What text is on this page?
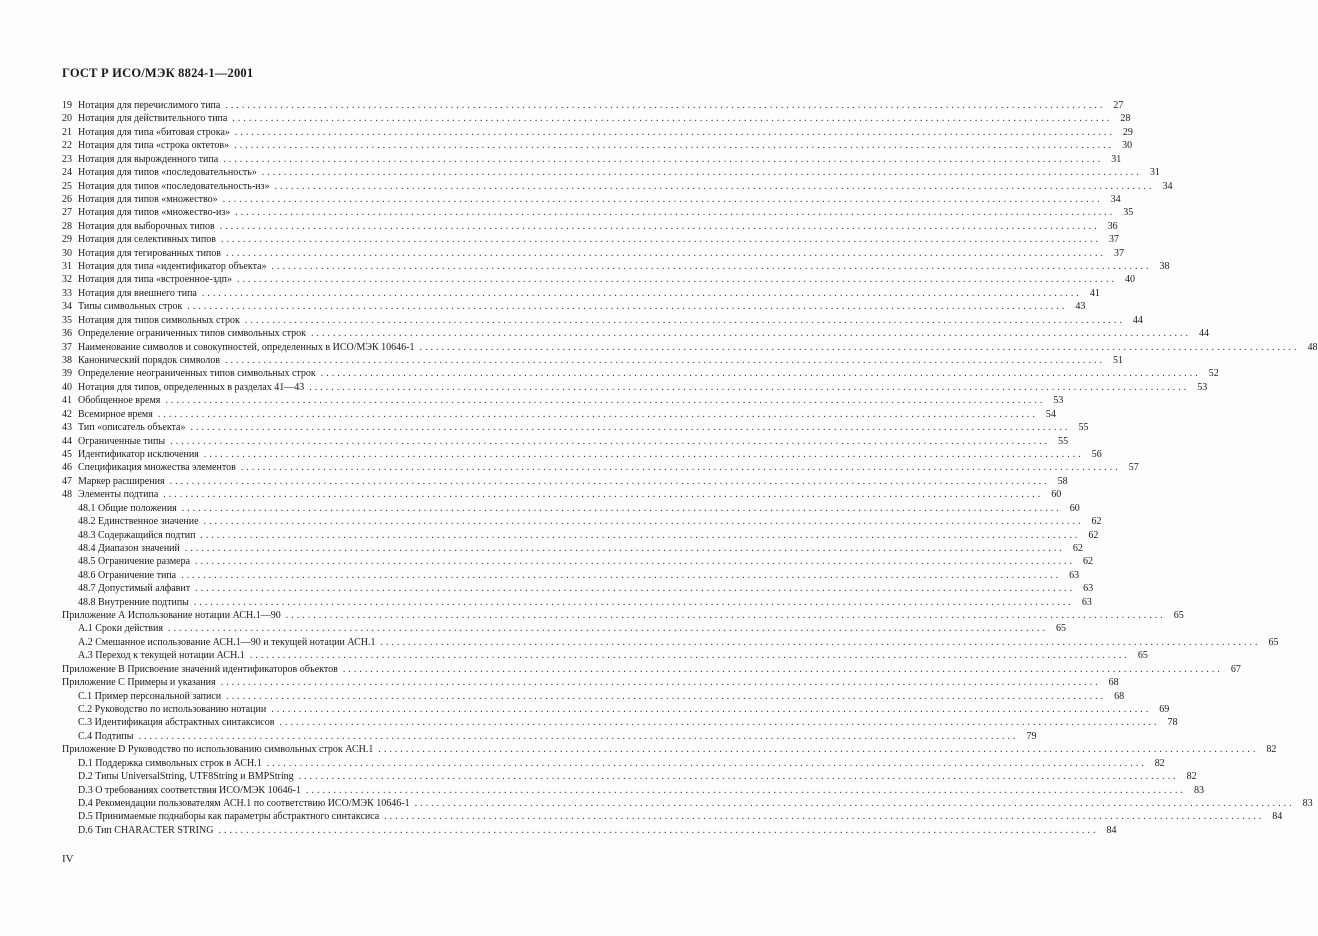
ГОСТ Р ИСО/МЭК 8824-1—2001
19 Нотация для перечислимого типа ................................................................................................................................................................ 27
20 Нотация для действительного типа ................................................................................................................................................................ 28
21 Нотация для типа «битовая строка» ................................................................................................................................................................ 29
22 Нотация для типа «строка октетов» ................................................................................................................................................................ 30
23 Нотация для вырожденного типа ................................................................................................................................................................ 31
24 Нотация для типов «последовательность» ................................................................................................................................................................ 31
25 Нотация для типов «последовательность-из» ................................................................................................................................................................ 34
26 Нотация для типов «множество» ................................................................................................................................................................ 34
27 Нотация для типов «множество-из» ................................................................................................................................................................ 35
28 Нотация для выборочных типов ................................................................................................................................................................ 36
29 Нотация для селективных типов ................................................................................................................................................................ 37
30 Нотация для тегированных типов ................................................................................................................................................................ 37
31 Нотация для типа «идентификатор объекта» ................................................................................................................................................................ 38
32 Нотация для типа «встроенное-здп» ................................................................................................................................................................ 40
33 Нотация для внешнего типа ................................................................................................................................................................ 41
34 Типы символьных строк ................................................................................................................................................................ 43
35 Нотация для типов символьных строк ................................................................................................................................................................ 44
36 Определение ограниченных типов символьных строк ................................................................................................................................................................ 44
37 Наименование символов и совокупностей, определенных в ИСО/МЭК 10646-1 ................................................................................................................................................................ 48
38 Канонический порядок символов ................................................................................................................................................................ 51
39 Определение неограниченных типов символьных строк ................................................................................................................................................................ 52
40 Нотация для типов, определенных в разделах 41—43 ................................................................................................................................................................ 53
41 Обобщенное время ................................................................................................................................................................ 53
42 Всемирное время ................................................................................................................................................................ 54
43 Тип «описатель объекта» ................................................................................................................................................................ 55
44 Ограниченные типы ................................................................................................................................................................ 55
45 Идентификатор исключения ................................................................................................................................................................ 56
46 Спецификация множества элементов ................................................................................................................................................................ 57
47 Маркер расширения ................................................................................................................................................................ 58
48 Элементы подтипа ................................................................................................................................................................ 60
48.1 Общие положения ................................................................................................................................................................ 60
48.2 Единственное значение ................................................................................................................................................................ 62
48.3 Содержащийся подтип ................................................................................................................................................................ 62
48.4 Диапазон значений ................................................................................................................................................................ 62
48.5 Ограничение размера ................................................................................................................................................................ 62
48.6 Ограничение типа ................................................................................................................................................................ 63
48.7 Допустимый алфавит ................................................................................................................................................................ 63
48.8 Внутренние подтипы ................................................................................................................................................................ 63
Приложение А Использование нотации АСН.1—90 ................................................................................................................................................................ 65
А.1 Сроки действия ................................................................................................................................................................ 65
А.2 Смешанное использование АСН.1—90 и текущей нотации АСН.1 ................................................................................................................................................................ 65
А.3 Переход к текущей нотации АСН.1 ................................................................................................................................................................ 65
Приложение В Присвоение значений идентификаторов объектов ................................................................................................................................................................ 67
Приложение С Примеры и указания ................................................................................................................................................................ 68
С.1 Пример персональной записи ................................................................................................................................................................ 68
С.2 Руководство по использованию нотации ................................................................................................................................................................ 69
С.3 Идентификация абстрактных синтаксисов ................................................................................................................................................................ 78
С.4 Подтипы ................................................................................................................................................................ 79
Приложение D Руководство по использованию символьных строк АСН.1 ................................................................................................................................................................ 82
D.1 Поддержка символьных строк в АСН.1 ................................................................................................................................................................ 82
D.2 Типы UniversalString, UTF8String и BMPString ................................................................................................................................................................ 82
D.3 О требованиях соответствия ИСО/МЭК 10646-1 ................................................................................................................................................................ 83
D.4 Рекомендации пользователям АСН.1 по соответствию ИСО/МЭК 10646-1 ................................................................................................................................................................ 83
D.5 Принимаемые поднаборы как параметры абстрактного синтаксиса ................................................................................................................................................................ 84
D.6 Тип CHARACTER STRING ................................................................................................................................................................ 84
IV
